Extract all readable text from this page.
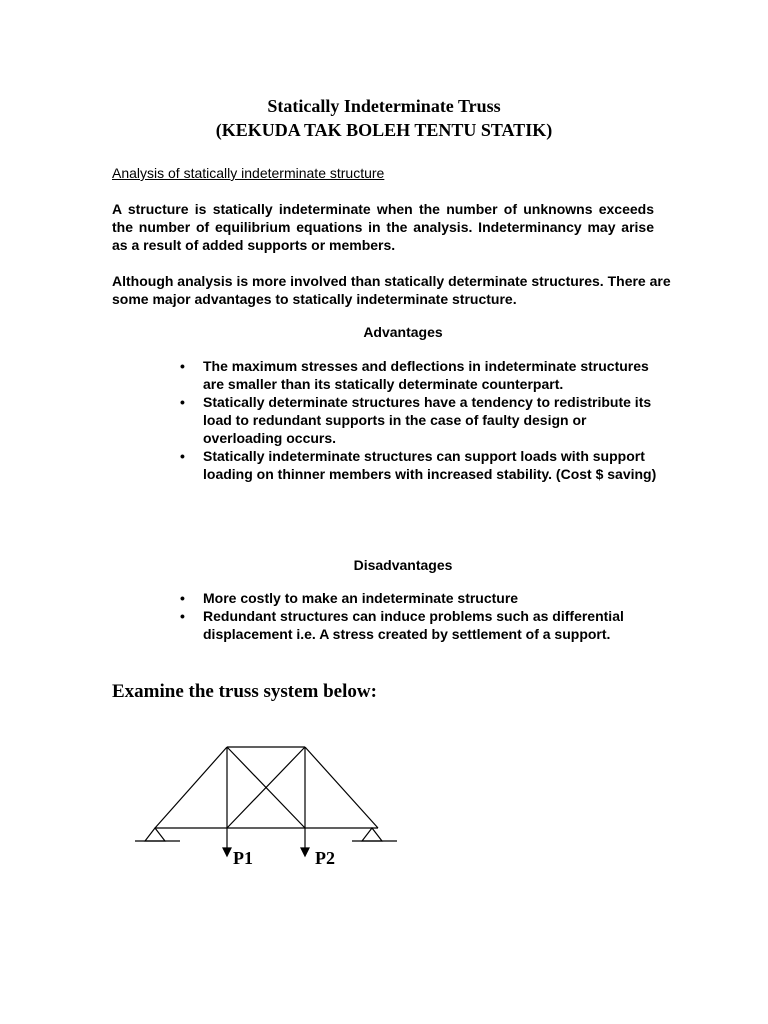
Statically Indeterminate Truss
(KEKUDA TAK BOLEH TENTU STATIK)
Analysis of statically indeterminate structure

A structure is statically indeterminate when the number of unknowns exceeds the number of equilibrium equations in the analysis. Indeterminancy may arise as a result of added supports or members.

Although analysis is more involved than statically determinate structures. There are some major advantages to statically indeterminate structure.

Advantages
• The maximum stresses and deflections in indeterminate structures are smaller than its statically determinate counterpart.
• Statically determinate structures have a tendency to redistribute its load to redundant supports in the case of faulty design or overloading occurs.
• Statically indeterminate structures can support loads with support loading on thinner members with increased stability. (Cost $ saving)
Disadvantages
• More costly to make an indeterminate structure
• Redundant structures can induce problems such as differential displacement i.e. A stress created by settlement of a support.
Examine the truss system below:
P1	P2
